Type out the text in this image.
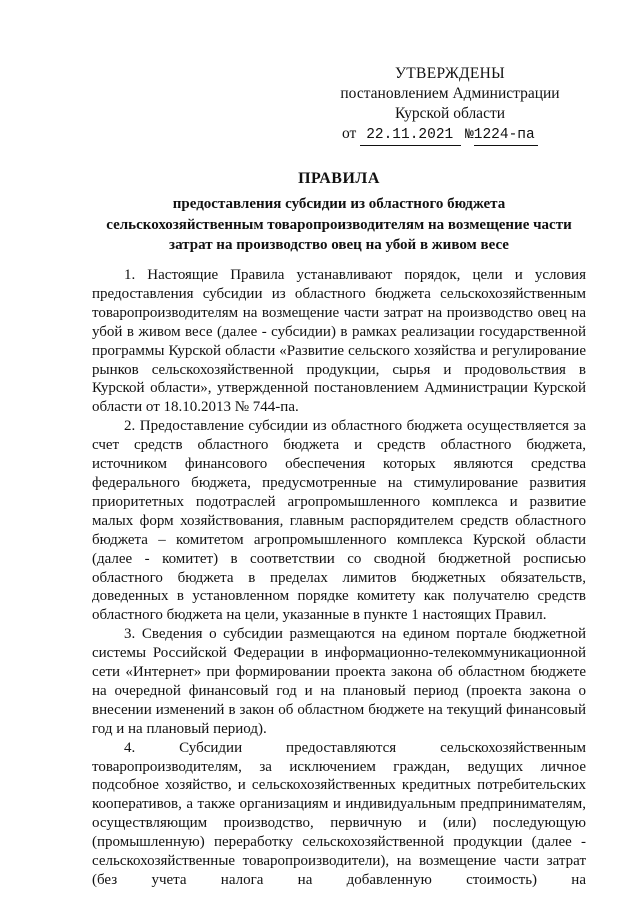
УТВЕРЖДЕНЫ
постановлением Администрации
Курской области
от 22.11.2021 №1224-па
ПРАВИЛА
предоставления субсидии из областного бюджета
сельскохозяйственным товаропроизводителям на возмещение части
затрат на производство овец на убой в живом весе

1. Настоящие Правила устанавливают порядок, цели и условия предоставления субсидии из областного бюджета сельскохозяйственным товаропроизводителям на возмещение части затрат на производство овец на убой в живом весе (далее - субсидии) в рамках реализации государственной программы Курской области «Развитие сельского хозяйства и регулирование рынков сельскохозяйственной продукции, сырья и продовольствия в Курской области», утвержденной постановлением Администрации Курской области от 18.10.2013 № 744-па.

2. Предоставление субсидии из областного бюджета осуществляется за счет средств областного бюджета и средств областного бюджета, источником финансового обеспечения которых являются средства федерального бюджета, предусмотренные на стимулирование развития приоритетных подотраслей агропромышленного комплекса и развитие малых форм хозяйствования, главным распорядителем средств областного бюджета – комитетом агропромышленного комплекса Курской области (далее - комитет) в соответствии со сводной бюджетной росписью областного бюджета в пределах лимитов бюджетных обязательств, доведенных в установленном порядке комитету как получателю средств областного бюджета на цели, указанные в пункте 1 настоящих Правил.

3. Сведения о субсидии размещаются на едином портале бюджетной системы Российской Федерации в информационно-телекоммуникационной сети «Интернет» при формировании проекта закона об областном бюджете на очередной финансовый год и на плановый период (проекта закона о внесении изменений в закон об областном бюджете на текущий финансовый год и на плановый период).

4. Субсидии предоставляются сельскохозяйственным товаропроизводителям, за исключением граждан, ведущих личное подсобное хозяйство, и сельскохозяйственных кредитных потребительских кооперативов, а также организациям и индивидуальным предпринимателям, осуществляющим производство, первичную и (или) последующую (промышленную) переработку сельскохозяйственной продукции (далее - сельскохозяйственные товаропроизводители), на возмещение части затрат (без учета налога на добавленную стоимость) на
